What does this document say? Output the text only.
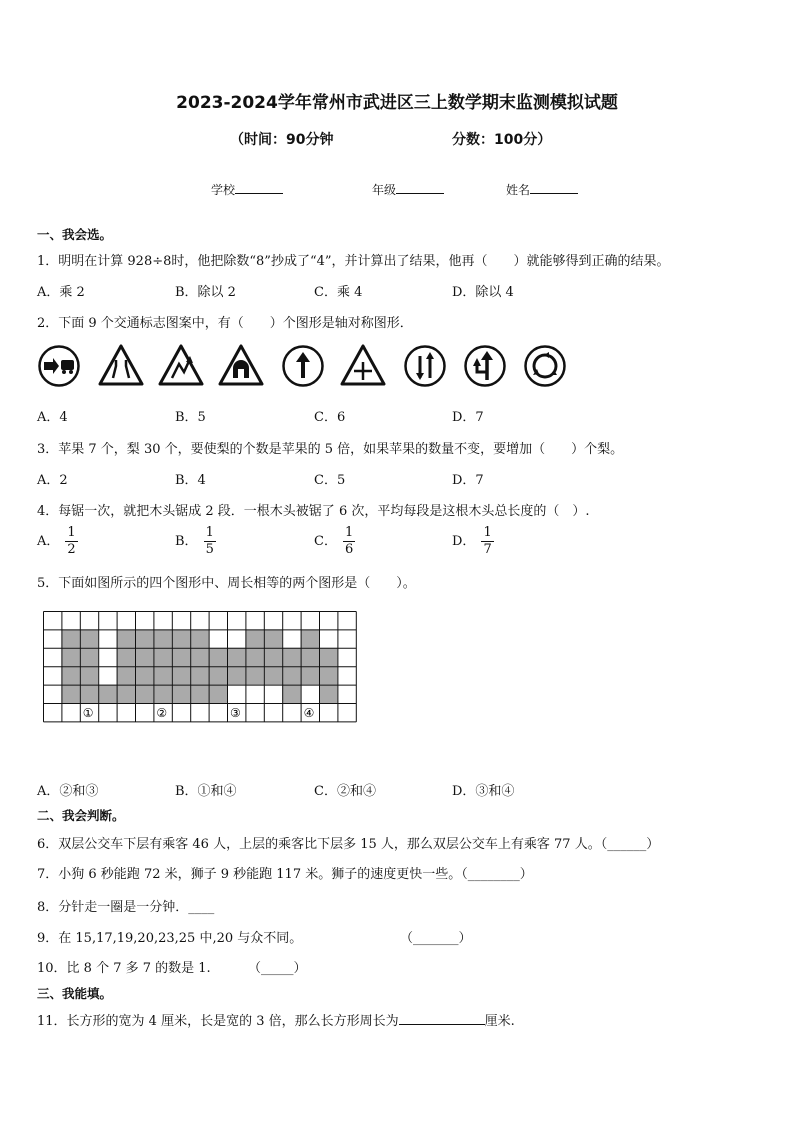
2023-2024学年常州市武进区三上数学期末监测模拟试题
（时间：90分钟	分数：100分）
学校	年级	姓名
一、我会选。
1．明明在计算 928÷8时，他把除数“8”抄成了“4”，并计算出了结果，他再（　　）就能够得到正确的结果。
A．乘 2	B．除以 2	C．乘 4	D．除以 4
2．下面 9 个交通标志图案中，有（　　）个图形是轴对称图形．
A．4	B．5	C．6	D．7
3．苹果 7 个，梨 30 个，要使梨的个数是苹果的 5 倍，如果苹果的数量不变，要增加（　　）个梨。
A．2	B．4	C．5	D．7
4．每锯一次，就把木头锯成 2 段．一根木头被锯了 6 次，平均每段是这根木头总长度的（　）.
A． $\frac{1}{2}$	B． $\frac{1}{5}$	C． $\frac{1}{6}$	D． $\frac{1}{7}$
5．下面如图所示的四个图形中、周长相等的两个图形是（　　）。
①	②	③	④
A．②和③	B．①和④	C．②和④	D．③和④
二、我会判断。
6．双层公交车下层有乘客 46 人，上层的乘客比下层多 15 人，那么双层公交车上有乘客 77 人。（______）
7．小狗 6 秒能跑 72 米，狮子 9 秒能跑 117 米。狮子的速度更快一些。（________）
8．分针走一圈是一分钟．____
9．在 15,17,19,20,23,25 中,20 与众不同。	（_______）
10．比 8 个 7 多 7 的数是 1.	（_____）
三、我能填。
11．长方形的宽为 4 厘米，长是宽的 3 倍，那么长方形周长为	厘米.
